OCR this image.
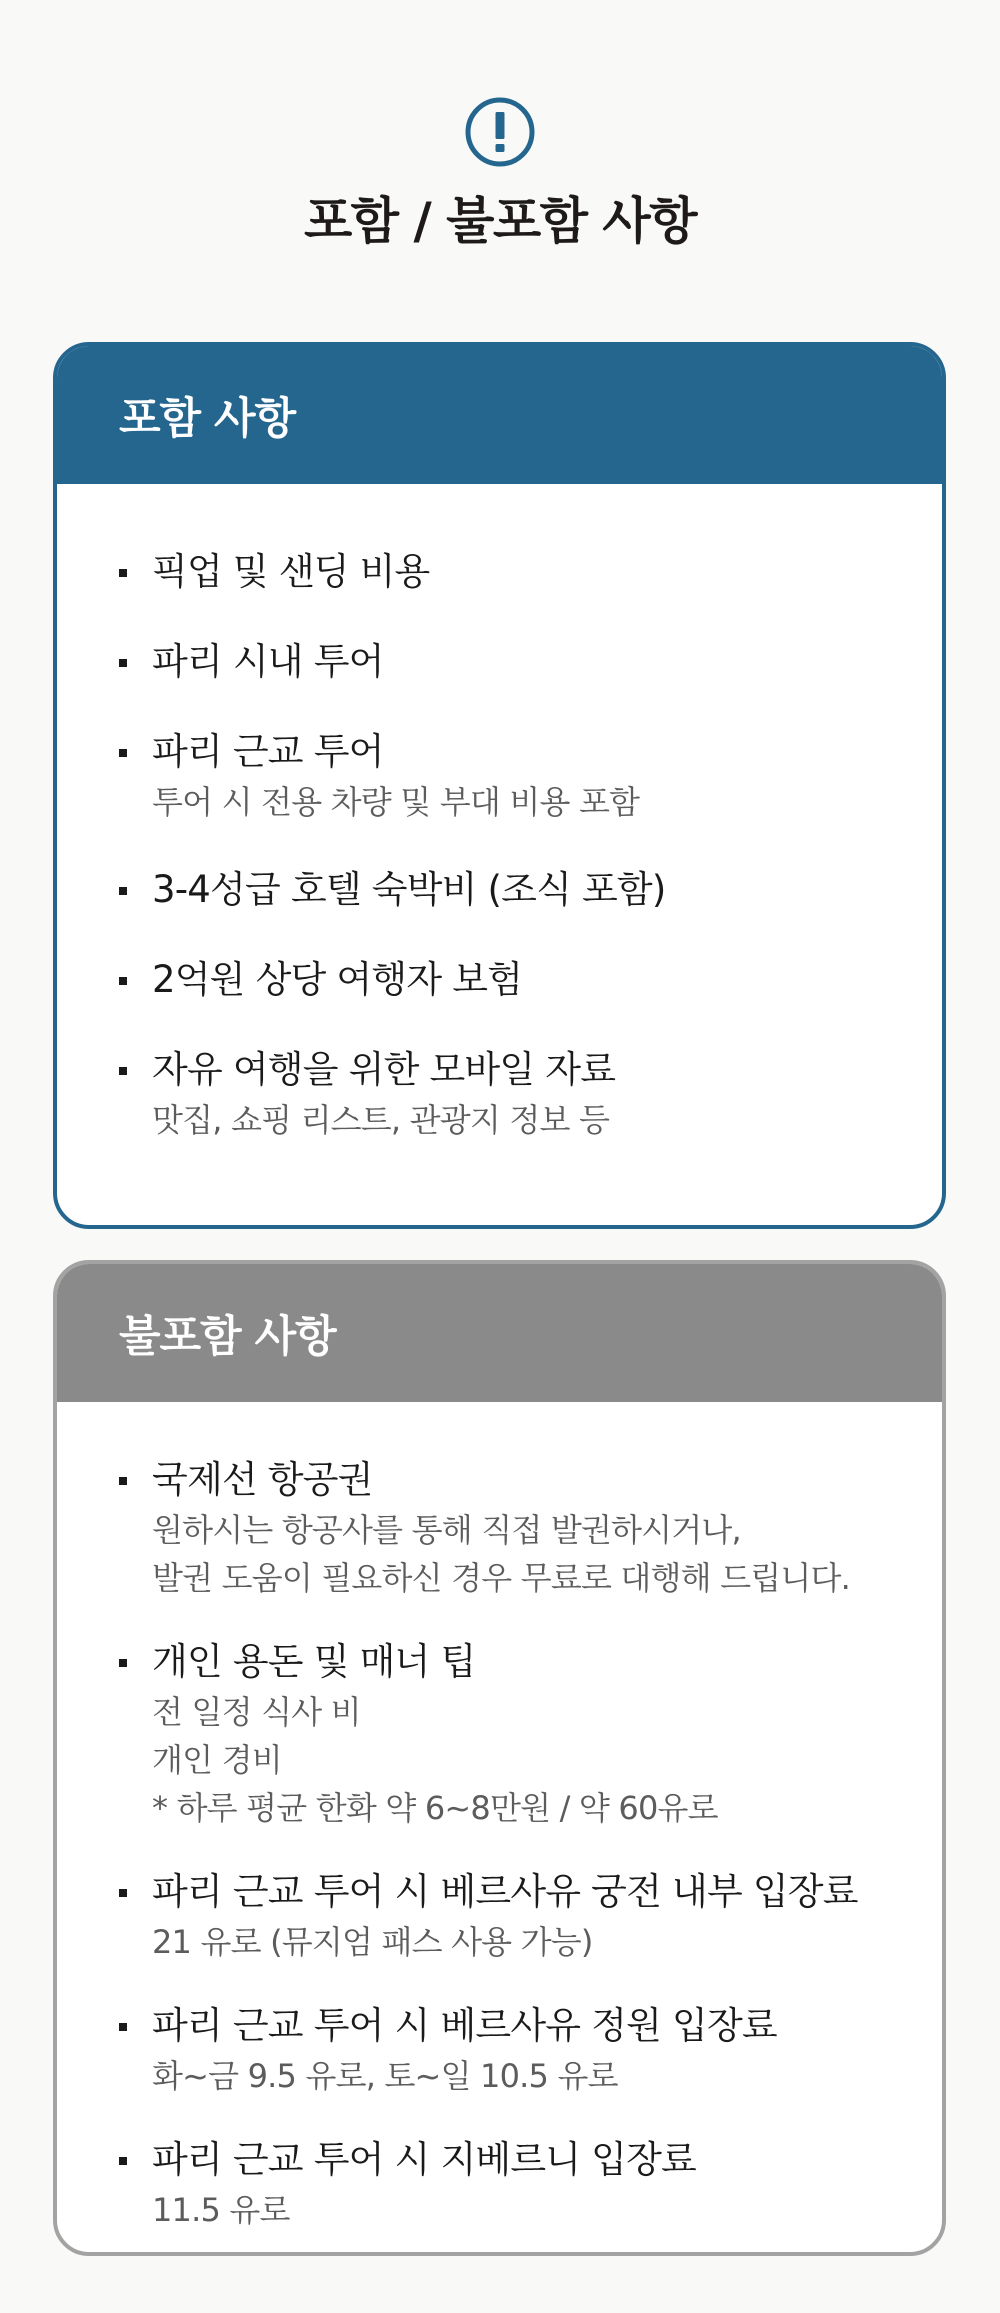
포함 / 불포함 사항
포함 사항
픽업 및 샌딩 비용
파리 시내 투어
파리 근교 투어
투어 시 전용 차량 및 부대 비용 포함
3-4성급 호텔 숙박비 (조식 포함)
2억원 상당 여행자 보험
자유 여행을 위한 모바일 자료
맛집, 쇼핑 리스트, 관광지 정보 등
불포함 사항
국제선 항공권
원하시는 항공사를 통해 직접 발권하시거나,
발권 도움이 필요하신 경우 무료로 대행해 드립니다.
개인 용돈 및 매너 팁
전 일정 식사 비
개인 경비
* 하루 평균 한화 약 6~8만원 / 약 60유로
파리 근교 투어 시 베르사유 궁전 내부 입장료
21 유로 (뮤지엄 패스 사용 가능)
파리 근교 투어 시 베르사유 정원 입장료
화~금 9.5 유로, 토~일 10.5 유로
파리 근교 투어 시 지베르니 입장료
11.5 유로
